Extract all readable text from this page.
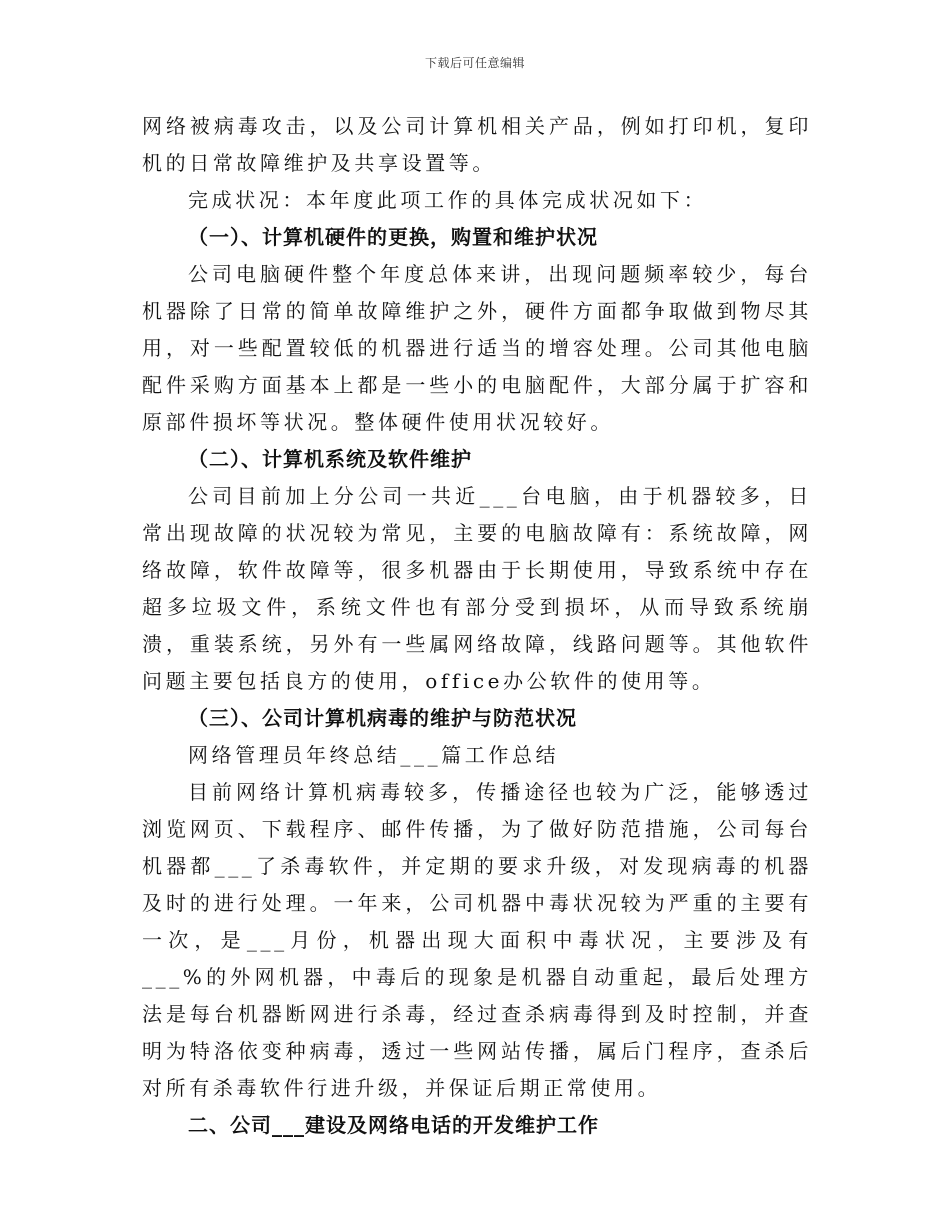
下载后可任意编辑

网络被病毒攻击，以及公司计算机相关产品，例如打印机，复印机的日常故障维护及共享设置等。

完成状况：本年度此项工作的具体完成状况如下：

（一）、计算机硬件的更换，购置和维护状况

公司电脑硬件整个年度总体来讲，出现问题频率较少，每台机器除了日常的简单故障维护之外，硬件方面都争取做到物尽其用，对一些配置较低的机器进行适当的增容处理。公司其他电脑配件采购方面基本上都是一些小的电脑配件，大部分属于扩容和原部件损坏等状况。整体硬件使用状况较好。

（二）、计算机系统及软件维护

公司目前加上分公司一共近___台电脑，由于机器较多，日常出现故障的状况较为常见，主要的电脑故障有：系统故障，网络故障，软件故障等，很多机器由于长期使用，导致系统中存在超多垃圾文件，系统文件也有部分受到损坏，从而导致系统崩溃，重装系统，另外有一些属网络故障，线路问题等。其他软件问题主要包括良方的使用，office办公软件的使用等。

（三）、公司计算机病毒的维护与防范状况

网络管理员年终总结___篇工作总结

目前网络计算机病毒较多，传播途径也较为广泛，能够透过浏览网页、下载程序、邮件传播，为了做好防范措施，公司每台机器都___了杀毒软件，并定期的要求升级，对发现病毒的机器及时的进行处理。一年来，公司机器中毒状况较为严重的主要有一次，是___月份，机器出现大面积中毒状况，主要涉及有___%的外网机器，中毒后的现象是机器自动重起，最后处理方法是每台机器断网进行杀毒，经过查杀病毒得到及时控制，并查明为特洛依变种病毒，透过一些网站传播，属后门程序，查杀后对所有杀毒软件行进升级，并保证后期正常使用。

二、公司___建设及网络电话的开发维护工作
